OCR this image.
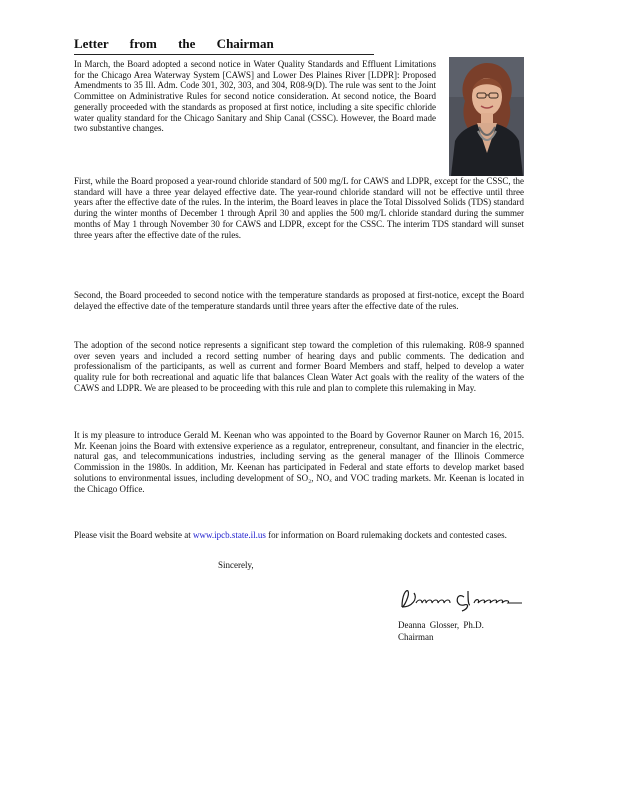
Letter from the Chairman

In March, the Board adopted a second notice in Water Quality Standards and Effluent Limitations for the Chicago Area Waterway System [CAWS] and Lower Des Plaines River [LDPR]: Proposed Amendments to 35 Ill. Adm. Code 301, 302, 303, and 304, R08-9(D). The rule was sent to the Joint Committee on Administrative Rules for second notice consideration. At second notice, the Board generally proceeded with the standards as proposed at first notice, including a site specific chloride water quality standard for the Chicago Sanitary and Ship Canal (CSSC). However, the Board made two substantive changes.

First, while the Board proposed a year-round chloride standard of 500 mg/L for CAWS and LDPR, except for the CSSC, the standard will have a three year delayed effective date. The year-round chloride standard will not be effective until three years after the effective date of the rules. In the interim, the Board leaves in place the Total Dissolved Solids (TDS) standard during the winter months of December 1 through April 30 and applies the 500 mg/L chloride standard during the summer months of May 1 through November 30 for CAWS and LDPR, except for the CSSC. The interim TDS standard will sunset three years after the effective date of the rules.

Second, the Board proceeded to second notice with the temperature standards as proposed at first-notice, except the Board delayed the effective date of the temperature standards until three years after the effective date of the rules.

The adoption of the second notice represents a significant step toward the completion of this rulemaking. R08-9 spanned over seven years and included a record setting number of hearing days and public comments. The dedication and professionalism of the participants, as well as current and former Board Members and staff, helped to develop a water quality rule for both recreational and aquatic life that balances Clean Water Act goals with the reality of the waters of the CAWS and LDPR. We are pleased to be proceeding with this rule and plan to complete this rulemaking in May.

It is my pleasure to introduce Gerald M. Keenan who was appointed to the Board by Governor Rauner on March 16, 2015. Mr. Keenan joins the Board with extensive experience as a regulator, entrepreneur, consultant, and financier in the electric, natural gas, and telecommunications industries, including serving as the general manager of the Illinois Commerce Commission in the 1980s. In addition, Mr. Keenan has participated in Federal and state efforts to develop market based solutions to environmental issues, including development of SO₂, NOₓ and VOC trading markets. Mr. Keenan is located in the Chicago Office.

Please visit the Board website at www.ipcb.state.il.us for information on Board rulemaking dockets and contested cases.

Sincerely,
Deanna Glosser, Ph.D.
Chairman
